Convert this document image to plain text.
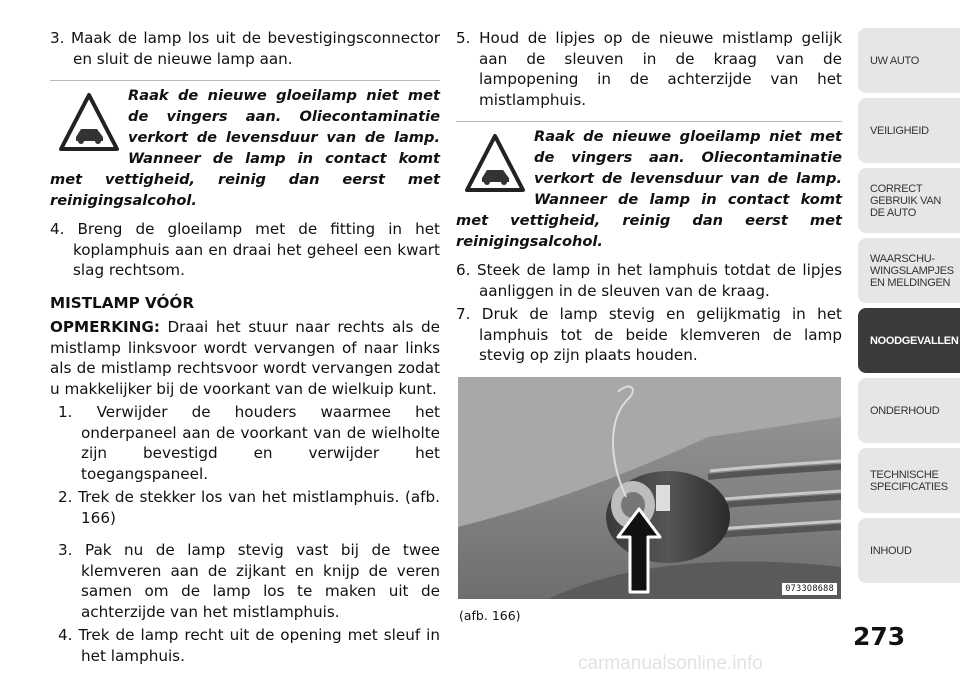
3. Maak de lamp los uit de bevestigingsconnector en sluit de nieuwe lamp aan.

Raak de nieuwe gloeilamp niet met de vingers aan. Oliecontaminatie verkort de levensduur van de lamp. Wanneer de lamp in contact komt met vettigheid, reinig dan eerst met reinigingsalcohol.

4. Breng de gloeilamp met de fitting in het koplamphuis aan en draai het geheel een kwart slag rechtsom.

MISTLAMP VÓÓR

OPMERKING: Draai het stuur naar rechts als de mistlamp linksvoor wordt vervangen of naar links als de mistlamp rechtsvoor wordt vervangen zodat u makkelijker bij de voorkant van de wielkuip kunt.

1. Verwijder de houders waarmee het onderpaneel aan de voorkant van de wielholte zijn bevestigd en verwijder het toegangspaneel.

2. Trek de stekker los van het mistlamphuis. (afb. 166)

3. Pak nu de lamp stevig vast bij de twee klemveren aan de zijkant en knijp de veren samen om de lamp los te maken uit de achterzijde van het mistlamphuis.

4. Trek de lamp recht uit de opening met sleuf in het lamphuis.

5. Houd de lipjes op de nieuwe mistlamp gelijk aan de sleuven in de kraag van de lampopening in de achterzijde van het mistlamphuis.

Raak de nieuwe gloeilamp niet met de vingers aan. Oliecontaminatie verkort de levensduur van de lamp. Wanneer de lamp in contact komt met vettigheid, reinig dan eerst met reinigingsalcohol.

6. Steek de lamp in het lamphuis totdat de lipjes aanliggen in de sleuven van de kraag.

7. Druk de lamp stevig en gelijkmatig in het lamphuis tot de beide klemveren de lamp stevig op zijn plaats houden.

0733O8688
(afb. 166)
UW AUTO
VEILIGHEID
CORRECT
GEBRUIK VAN
DE AUTO
WAARSCHU-
WINGSLAMPJES
EN MELDINGEN
NOODGEVALLEN
ONDERHOUD
TECHNISCHE
SPECIFICATIES
INHOUD
273
carmanualsonline.info
